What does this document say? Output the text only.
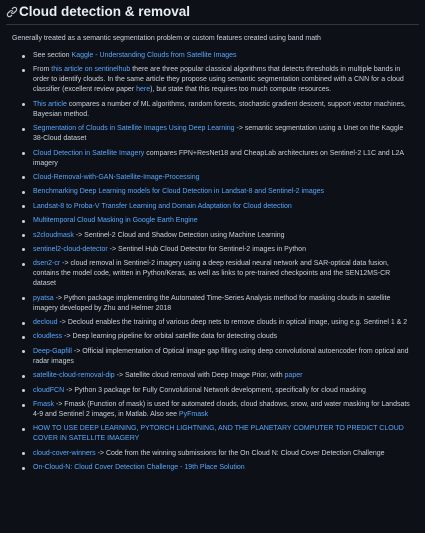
Cloud detection & removal

Generally treated as a semantic segmentation problem or custom features created using band math

See section Kaggle - Understanding Clouds from Satellite Images
From this article on sentinelhub there are three popular classical algorithms that detects thresholds in multiple bands in order to identify clouds. In the same article they propose using semantic segmentation combined with a CNN for a cloud classifier (excellent review paper here), but state that this requires too much compute resources.
This article compares a number of ML algorithms, random forests, stochastic gradient descent, support vector machines, Bayesian method.
Segmentation of Clouds in Satellite Images Using Deep Learning -> semantic segmentation using a Unet on the Kaggle 38-Cloud dataset
Cloud Detection in Satellite Imagery compares FPN+ResNet18 and CheapLab architectures on Sentinel-2 L1C and L2A imagery
Cloud-Removal-with-GAN-Satellite-Image-Processing
Benchmarking Deep Learning models for Cloud Detection in Landsat-8 and Sentinel-2 images
Landsat-8 to Proba-V Transfer Learning and Domain Adaptation for Cloud detection
Multitemporal Cloud Masking in Google Earth Engine
s2cloudmask -> Sentinel-2 Cloud and Shadow Detection using Machine Learning
sentinel2-cloud-detector -> Sentinel Hub Cloud Detector for Sentinel-2 images in Python
dsen2-cr -> cloud removal in Sentinel-2 imagery using a deep residual neural network and SAR-optical data fusion, contains the model code, written in Python/Keras, as well as links to pre-trained checkpoints and the SEN12MS-CR dataset
pyatsa -> Python package implementing the Automated Time-Series Analysis method for masking clouds in satellite imagery developed by Zhu and Helmer 2018
decloud -> Decloud enables the training of various deep nets to remove clouds in optical image, using e.g. Sentinel 1 & 2
cloudless -> Deep learning pipeline for orbital satellite data for detecting clouds
Deep-Gapfill -> Official implementation of Optical image gap filling using deep convolutional autoencoder from optical and radar images
satellite-cloud-removal-dip -> Satellite cloud removal with Deep Image Prior, with paper
cloudFCN -> Python 3 package for Fully Convolutional Network development, specifically for cloud masking
Fmask -> Fmask (Function of mask) is used for automated clouds, cloud shadows, snow, and water masking for Landsats 4-9 and Sentinel 2 images, in Matlab. Also see PyFmask
HOW TO USE DEEP LEARNING, PYTORCH LIGHTNING, AND THE PLANETARY COMPUTER TO PREDICT CLOUD COVER IN SATELLITE IMAGERY
cloud-cover-winners -> Code from the winning submissions for the On Cloud N: Cloud Cover Detection Challenge
On-Cloud-N: Cloud Cover Detection Challenge - 19th Place Solution
